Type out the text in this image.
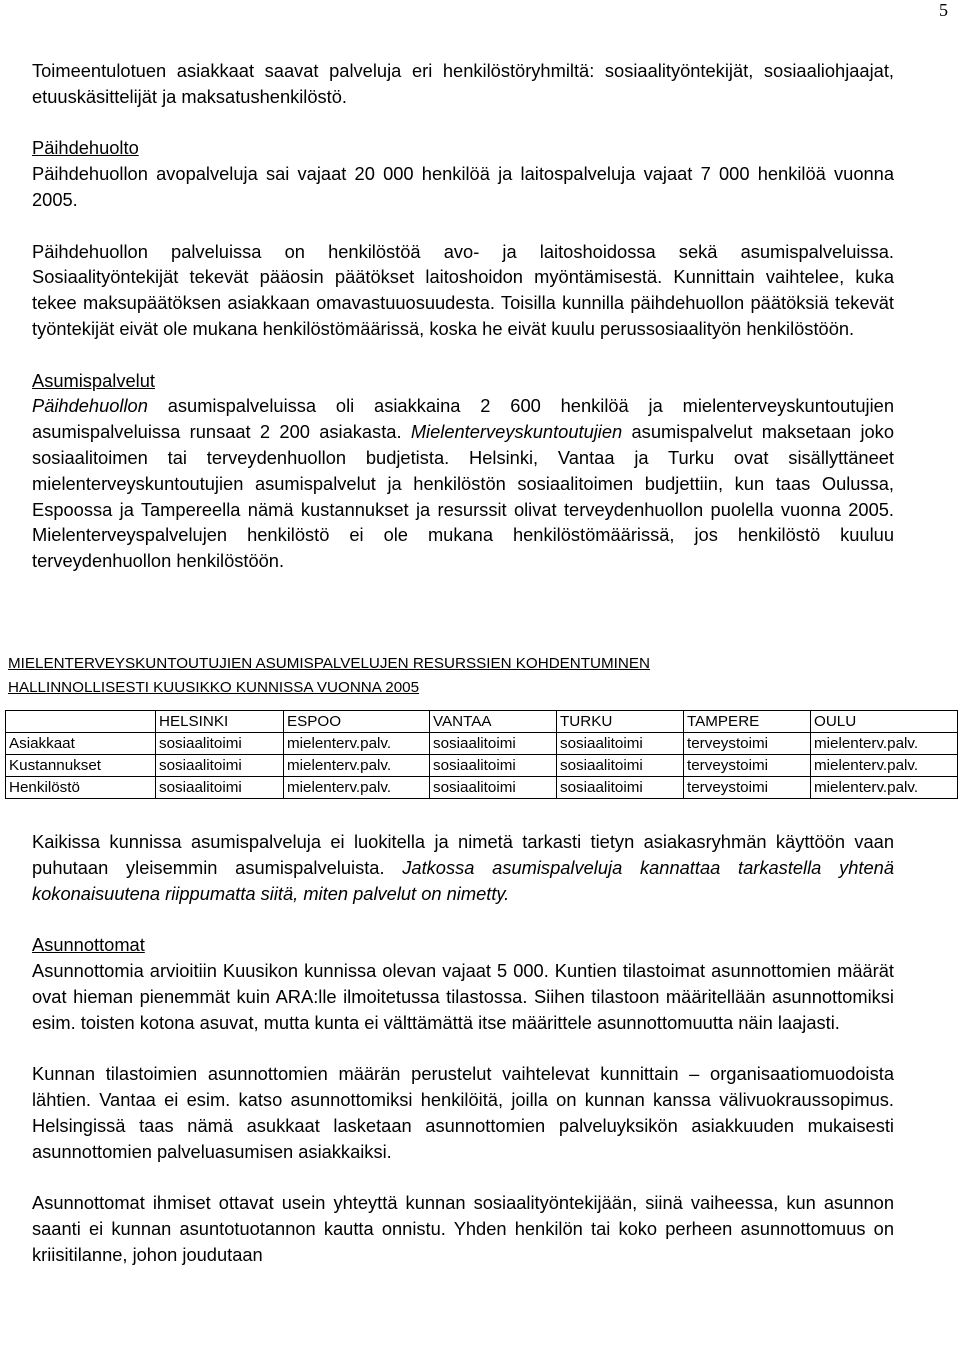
5

Toimeentulotuen asiakkaat saavat palveluja eri henkilöstöryhmiltä: sosiaalityöntekijät, sosiaaliohjaajat, etuuskäsittelijät ja maksatushenkilöstö.

Päihdehuolto

Päihdehuollon avopalveluja sai vajaat 20 000 henkilöä ja laitospalveluja vajaat 7 000 henkilöä vuonna 2005.

Päihdehuollon palveluissa on henkilöstöä avo- ja laitoshoidossa sekä asumispalveluissa. Sosiaalityöntekijät tekevät pääosin päätökset laitoshoidon myöntämisestä. Kunnittain vaihtelee, kuka tekee maksupäätöksen asiakkaan omavastuuosuudesta. Toisilla kunnilla päihdehuollon päätöksiä tekevät työntekijät eivät ole mukana henkilöstömäärissä, koska he eivät kuulu perussosiaalityön henkilöstöön.

Asumispalvelut

Päihdehuollon asumispalveluissa oli asiakkaina 2 600 henkilöä ja mielenterveyskuntoutujien asumispalveluissa runsaat 2 200 asiakasta. Mielenterveyskuntoutujien asumispalvelut maksetaan joko sosiaalitoimen tai terveydenhuollon budjetista. Helsinki, Vantaa ja Turku ovat sisällyttäneet mielenterveyskuntoutujien asumispalvelut ja henkilöstön sosiaalitoimen budjettiin, kun taas Oulussa, Espoossa ja Tampereella nämä kustannukset ja resurssit olivat terveydenhuollon puolella vuonna 2005. Mielenterveyspalvelujen henkilöstö ei ole mukana henkilöstömäärissä, jos henkilöstö kuuluu terveydenhuollon henkilöstöön.

MIELENTERVEYSKUNTOUTUJIEN ASUMISPALVELUJEN RESURSSIEN KOHDENTUMINEN
HALLINNOLLISESTI KUUSIKKO KUNNISSA VUONNA 2005
	HELSINKI	ESPOO	VANTAA	TURKU	TAMPERE	OULU
Asiakkaat	sosiaalitoimi	mielenterv.palv.	sosiaalitoimi	sosiaalitoimi	terveystoimi	mielenterv.palv.
Kustannukset	sosiaalitoimi	mielenterv.palv.	sosiaalitoimi	sosiaalitoimi	terveystoimi	mielenterv.palv.
Henkilöstö	sosiaalitoimi	mielenterv.palv.	sosiaalitoimi	sosiaalitoimi	terveystoimi	mielenterv.palv.

Kaikissa kunnissa asumispalveluja ei luokitella ja nimetä tarkasti tietyn asiakasryhmän käyttöön vaan puhutaan yleisemmin asumispalveluista. Jatkossa asumispalveluja kannattaa tarkastella yhtenä kokonaisuutena riippumatta siitä, miten palvelut on nimetty.

Asunnottomat

Asunnottomia arvioitiin Kuusikon kunnissa olevan vajaat 5 000. Kuntien tilastoimat asunnottomien määrät ovat hieman pienemmät kuin ARA:lle ilmoitetussa tilastossa. Siihen tilastoon määritellään asunnottomiksi esim. toisten kotona asuvat, mutta kunta ei välttämättä itse määrittele asunnottomuutta näin laajasti.

Kunnan tilastoimien asunnottomien määrän perustelut vaihtelevat kunnittain – organisaatiomuodoista lähtien. Vantaa ei esim. katso asunnottomiksi henkilöitä, joilla on kunnan kanssa välivuokraussopimus. Helsingissä taas nämä asukkaat lasketaan asunnottomien palveluyksikön asiakkuuden mukaisesti asunnottomien palveluasumisen asiakkaiksi.

Asunnottomat ihmiset ottavat usein yhteyttä kunnan sosiaalityöntekijään, siinä vaiheessa, kun asunnon saanti ei kunnan asuntotuotannon kautta onnistu. Yhden henkilön tai koko perheen asunnottomuus on kriisitilanne, johon joudutaan
